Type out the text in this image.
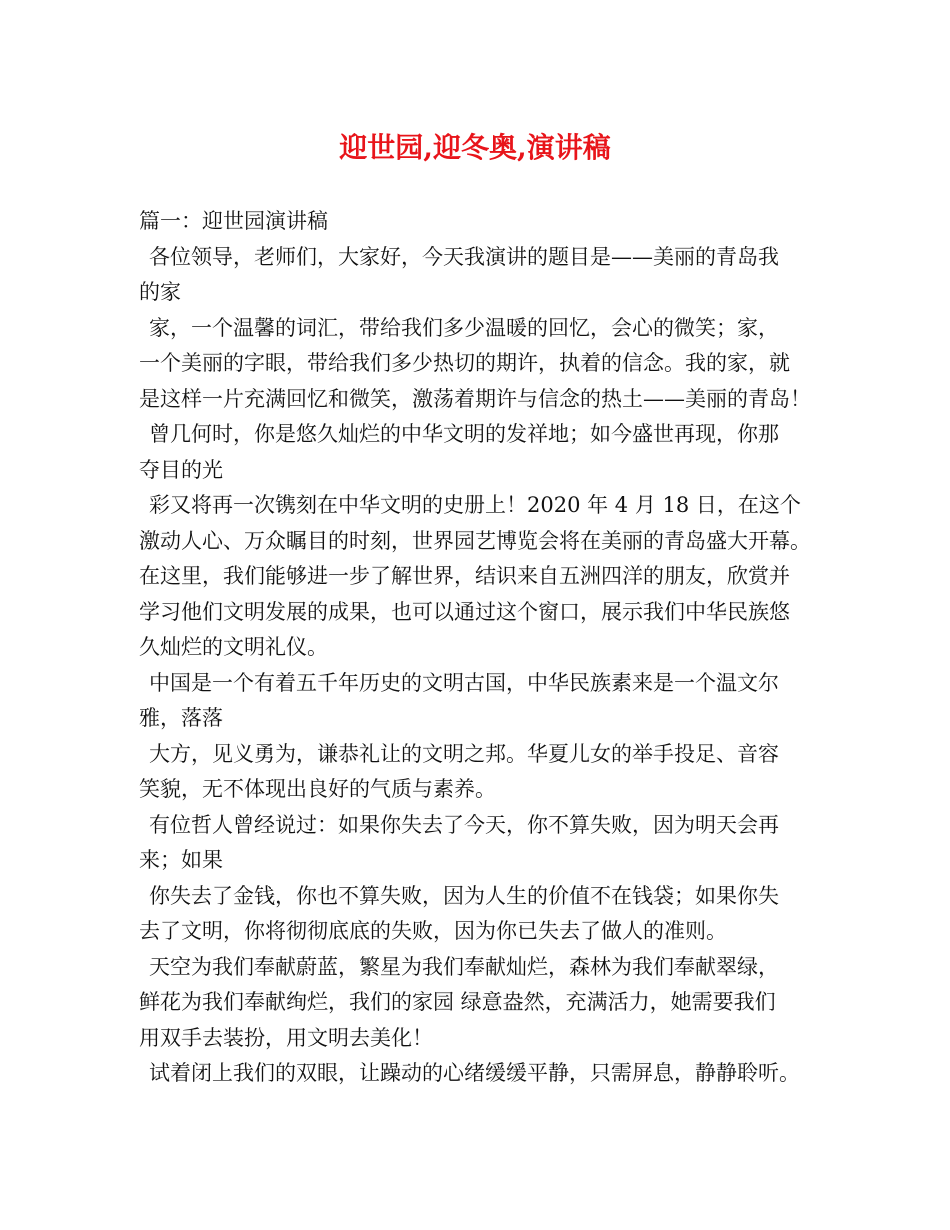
迎世园,迎冬奥,演讲稿
篇一：迎世园演讲稿
各位领导，老师们，大家好，今天我演讲的题目是——美丽的青岛我
的家
家，一个温馨的词汇，带给我们多少温暖的回忆，会心的微笑；家，
一个美丽的字眼，带给我们多少热切的期许，执着的信念。我的家，就
是这样一片充满回忆和微笑，激荡着期许与信念的热土——美丽的青岛！
曾几何时，你是悠久灿烂的中华文明的发祥地；如今盛世再现，你那
夺目的光
彩又将再一次镌刻在中华文明的史册上！2020 年 4 月 18 日，在这个
激动人心、万众瞩目的时刻，世界园艺博览会将在美丽的青岛盛大开幕。
在这里，我们能够进一步了解世界，结识来自五洲四洋的朋友，欣赏并
学习他们文明发展的成果，也可以通过这个窗口，展示我们中华民族悠
久灿烂的文明礼仪。
中国是一个有着五千年历史的文明古国，中华民族素来是一个温文尔
雅，落落
大方，见义勇为，谦恭礼让的文明之邦。华夏儿女的举手投足、音容
笑貌，无不体现出良好的气质与素养。
有位哲人曾经说过：如果你失去了今天，你不算失败，因为明天会再
来；如果
你失去了金钱，你也不算失败，因为人生的价值不在钱袋；如果你失
去了文明，你将彻彻底底的失败，因为你已失去了做人的准则。
天空为我们奉献蔚蓝，繁星为我们奉献灿烂，森林为我们奉献翠绿，
鲜花为我们奉献绚烂，我们的家园 绿意盎然，充满活力，她需要我们
用双手去装扮，用文明去美化！
试着闭上我们的双眼，让躁动的心绪缓缓平静，只需屏息，静静聆听。
